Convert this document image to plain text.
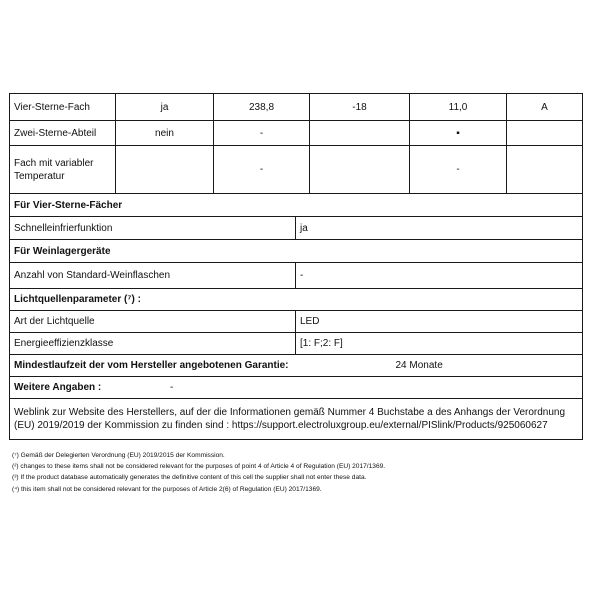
Vier-Sterne-Fach	ja	238,8	-18	11,0	A
Zwei-Sterne-Abteil	nein	-		▪	
Fach mit variabler Temperatur		-		-	
Für Vier-Sterne-Fächer	
Schnelleinfrierfunktion	ja
Für Weinlagergeräte	
Anzahl von Standard-Weinflaschen	-
Lichtquellenparameter (⁷) :	
Art der Lichtquelle	LED
Energieeffizienzklasse	[1: F;2: F]
Mindestlaufzeit der vom Hersteller angebotenen Garantie:	24 Monate
Weitere Angaben : -	

Weblink zur Website des Herstellers, auf der die Informationen gemäß Nummer 4 Buchstabe a des Anhangs der Verordnung
(EU) 2019/2019 der Kommission zu finden sind : https://support.electroluxgroup.eu/external/PISlink/Products/925060627	
(⁷) Gemäß der Delegierten Verordnung (EU) 2019/2015 der Kommission.
(²) changes to these items shall not be considered relevant for the purposes of point 4 of Article 4 of Regulation (EU) 2017/1369.
(³) If the product database automatically generates the definitive content of this cell the supplier shall not enter these data.
(⁴) this item shall not be considered relevant for the purposes of Article 2(6) of Regulation (EU) 2017/1369.
